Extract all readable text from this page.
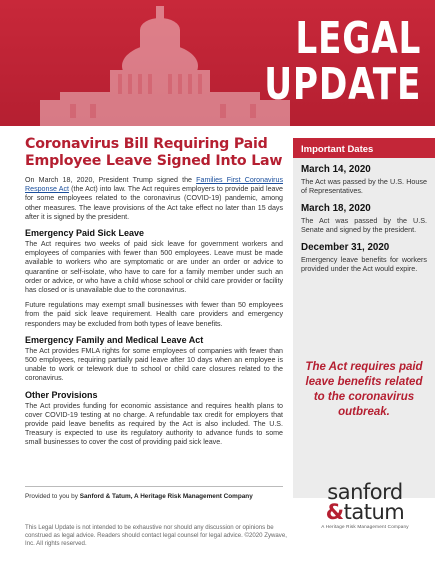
LEGAL
UPDATE
Coronavirus Bill Requiring Paid Employee Leave Signed Into Law

On March 18, 2020, President Trump signed the Families First Coronavirus Response Act (the Act) into law. The Act requires employers to provide paid leave for some employees related to the coronavirus (COVID-19) pandemic, among other measures. The leave provisions of the Act take effect no later than 15 days after it is signed by the president.

Emergency Paid Sick Leave

The Act requires two weeks of paid sick leave for government workers and employees of companies with fewer than 500 employees. Leave must be made available to workers who are symptomatic or are under an order or advice to quarantine or self-isolate, who have to care for a family member under such an order or advice, or who have a child whose school or child care provider or facility has closed or is unavailable due to the coronavirus.

Future regulations may exempt small businesses with fewer than 50 employees from the paid sick leave requirement. Health care providers and emergency responders may be excluded from both types of leave benefits.

Emergency Family and Medical Leave Act

The Act provides FMLA rights for some employees of companies with fewer than 500 employees, requiring partially paid leave after 10 days when an employee is unable to work or telework due to school or child care closures related to the coronavirus.

Other Provisions

The Act provides funding for economic assistance and requires health plans to cover COVID-19 testing at no charge. A refundable tax credit for employers that provide paid leave benefits as required by the Act is also included. The U.S. Treasury is expected to use its regulatory authority to advance funds to some small businesses to cover the cost of providing paid sick leave.

Important Dates
March 14, 2020
The Act was passed by the U.S. House of Representatives.
March 18, 2020
The Act was passed by the U.S. Senate and signed by the president.
December 31, 2020
Emergency leave benefits for workers provided under the Act would expire.
The Act requires paid leave benefits related to the coronavirus outbreak.
Provided to you by Sanford & Tatum, A Heritage Risk Management Company
This Legal Update is not intended to be exhaustive nor should any discussion or opinions be construed as legal advice. Readers should contact legal counsel for legal advice. ©2020 Zywave, Inc. All rights reserved.
sanford
&tatum
A Heritage Risk Management Company
